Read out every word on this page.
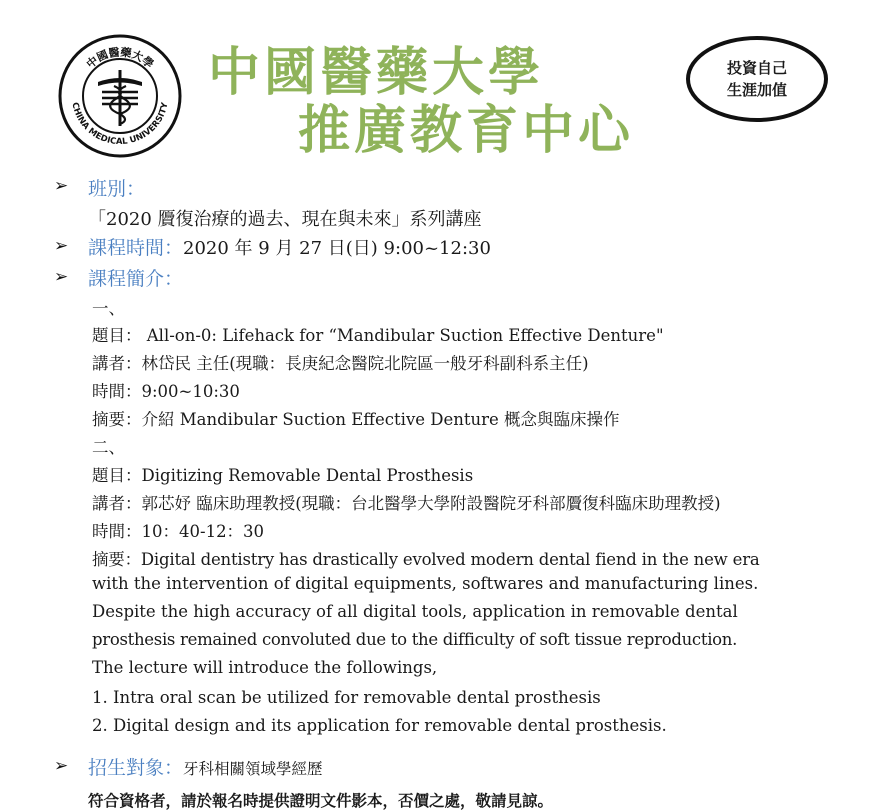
中國醫藥大學
CHINA MEDICAL UNIVERSITY
中國醫藥大學
推廣教育中心
投資自己
生涯加值
➢ 班別：
「2020 贗復治療的過去、現在與未來」系列講座
➢ 課程時間：2020 年 9 月 27 日(日) 9:00~12:30
➢ 課程簡介：
一、
題目： All-on-0: Lifehack for “Mandibular Suction Effective Denture"
講者：林岱民 主任(現職：長庚紀念醫院北院區一般牙科副科系主任)
時間：9:00~10:30
摘要：介紹 Mandibular Suction Effective Denture 概念與臨床操作
二、
題目：Digitizing Removable Dental Prosthesis
講者：郭芯妤 臨床助理教授(現職：台北醫學大學附設醫院牙科部贗復科臨床助理教授)
時間：10：40-12：30
摘要：Digital dentistry has drastically evolved modern dental fiend in the new era
with the intervention of digital equipments, softwares and manufacturing lines.
Despite the high accuracy of all digital tools, application in removable dental
prosthesis remained convoluted due to the difficulty of soft tissue reproduction.
The lecture will introduce the followings,
1. Intra oral scan be utilized for removable dental prosthesis
2. Digital design and its application for removable dental prosthesis.
➢ 招生對象：牙科相關領域學經歷
符合資格者，請於報名時提供證明文件影本，否價之處，敬請見諒。
